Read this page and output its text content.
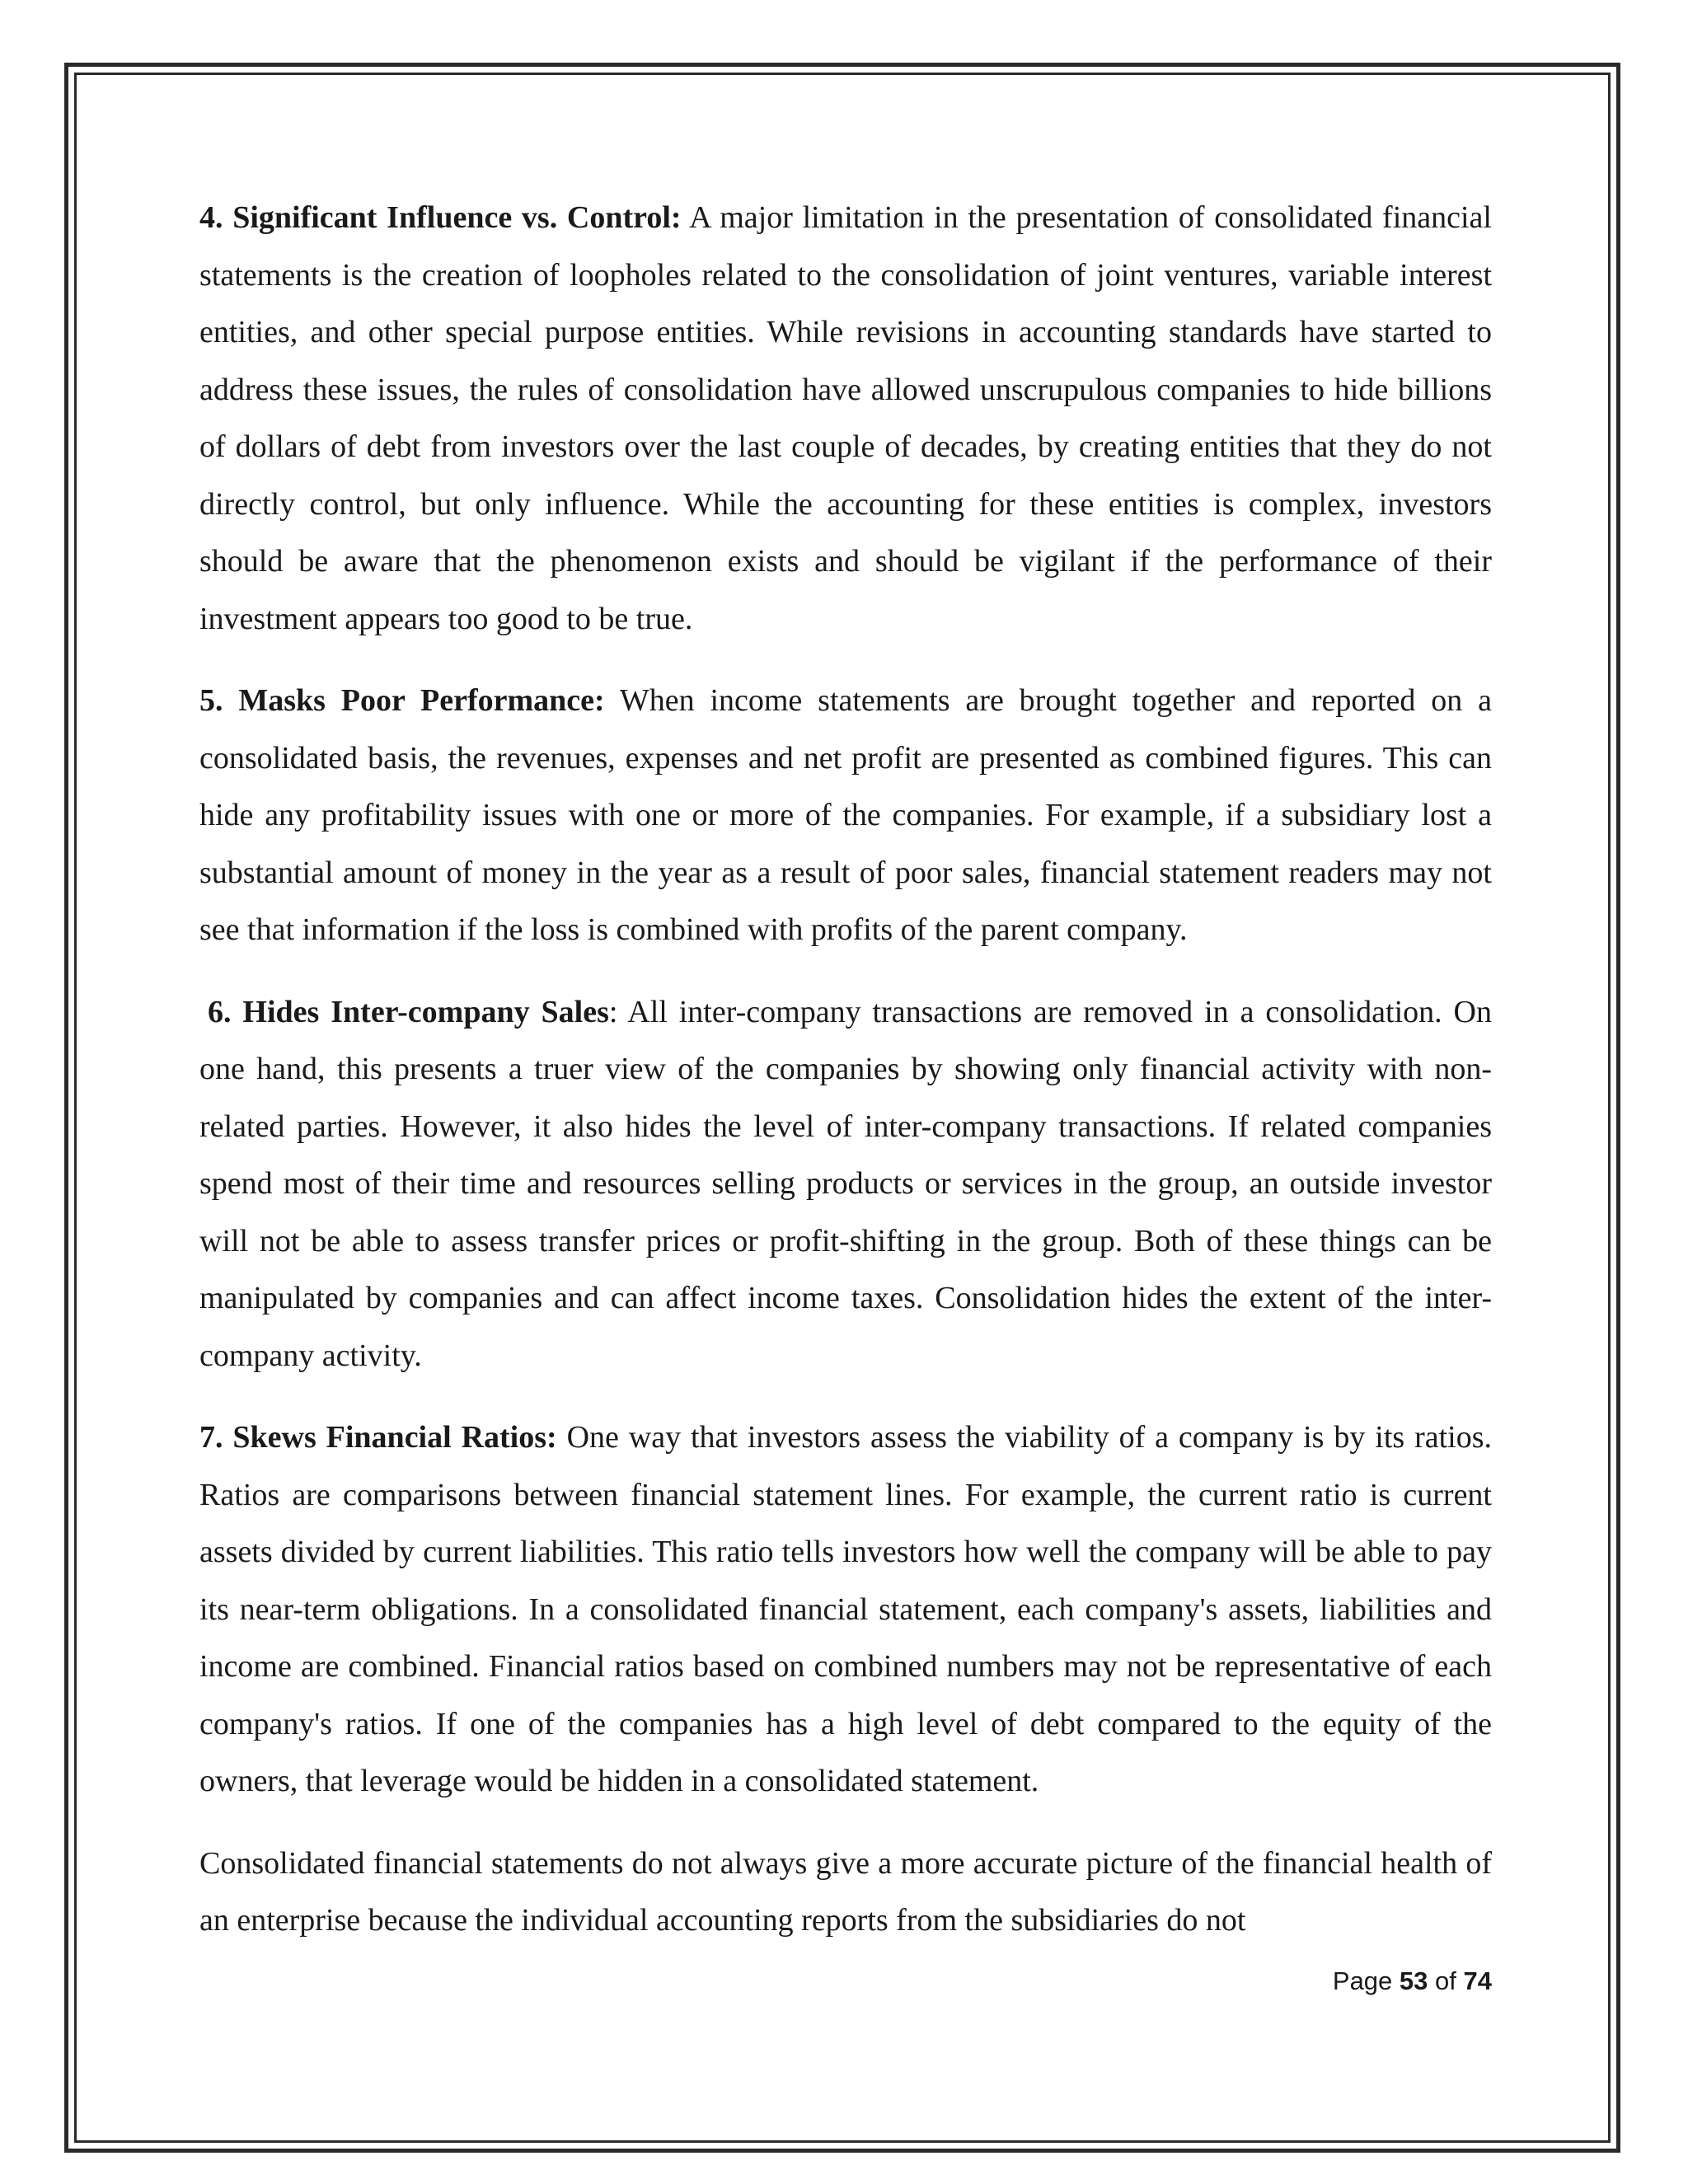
4. Significant Influence vs. Control: A major limitation in the presentation of consolidated financial statements is the creation of loopholes related to the consolidation of joint ventures, variable interest entities, and other special purpose entities. While revisions in accounting standards have started to address these issues, the rules of consolidation have allowed unscrupulous companies to hide billions of dollars of debt from investors over the last couple of decades, by creating entities that they do not directly control, but only influence. While the accounting for these entities is complex, investors should be aware that the phenomenon exists and should be vigilant if the performance of their investment appears too good to be true.

5. Masks Poor Performance: When income statements are brought together and reported on a consolidated basis, the revenues, expenses and net profit are presented as combined figures. This can hide any profitability issues with one or more of the companies. For example, if a subsidiary lost a substantial amount of money in the year as a result of poor sales, financial statement readers may not see that information if the loss is combined with profits of the parent company.

6. Hides Inter-company Sales: All inter-company transactions are removed in a consolidation. On one hand, this presents a truer view of the companies by showing only financial activity with non-related parties. However, it also hides the level of inter-company transactions. If related companies spend most of their time and resources selling products or services in the group, an outside investor will not be able to assess transfer prices or profit-shifting in the group. Both of these things can be manipulated by companies and can affect income taxes. Consolidation hides the extent of the inter-company activity.

7. Skews Financial Ratios: One way that investors assess the viability of a company is by its ratios. Ratios are comparisons between financial statement lines. For example, the current ratio is current assets divided by current liabilities. This ratio tells investors how well the company will be able to pay its near-term obligations. In a consolidated financial statement, each company's assets, liabilities and income are combined. Financial ratios based on combined numbers may not be representative of each company's ratios. If one of the companies has a high level of debt compared to the equity of the owners, that leverage would be hidden in a consolidated statement.

Consolidated financial statements do not always give a more accurate picture of the financial health of an enterprise because the individual accounting reports from the subsidiaries do not

Page 53 of 74
